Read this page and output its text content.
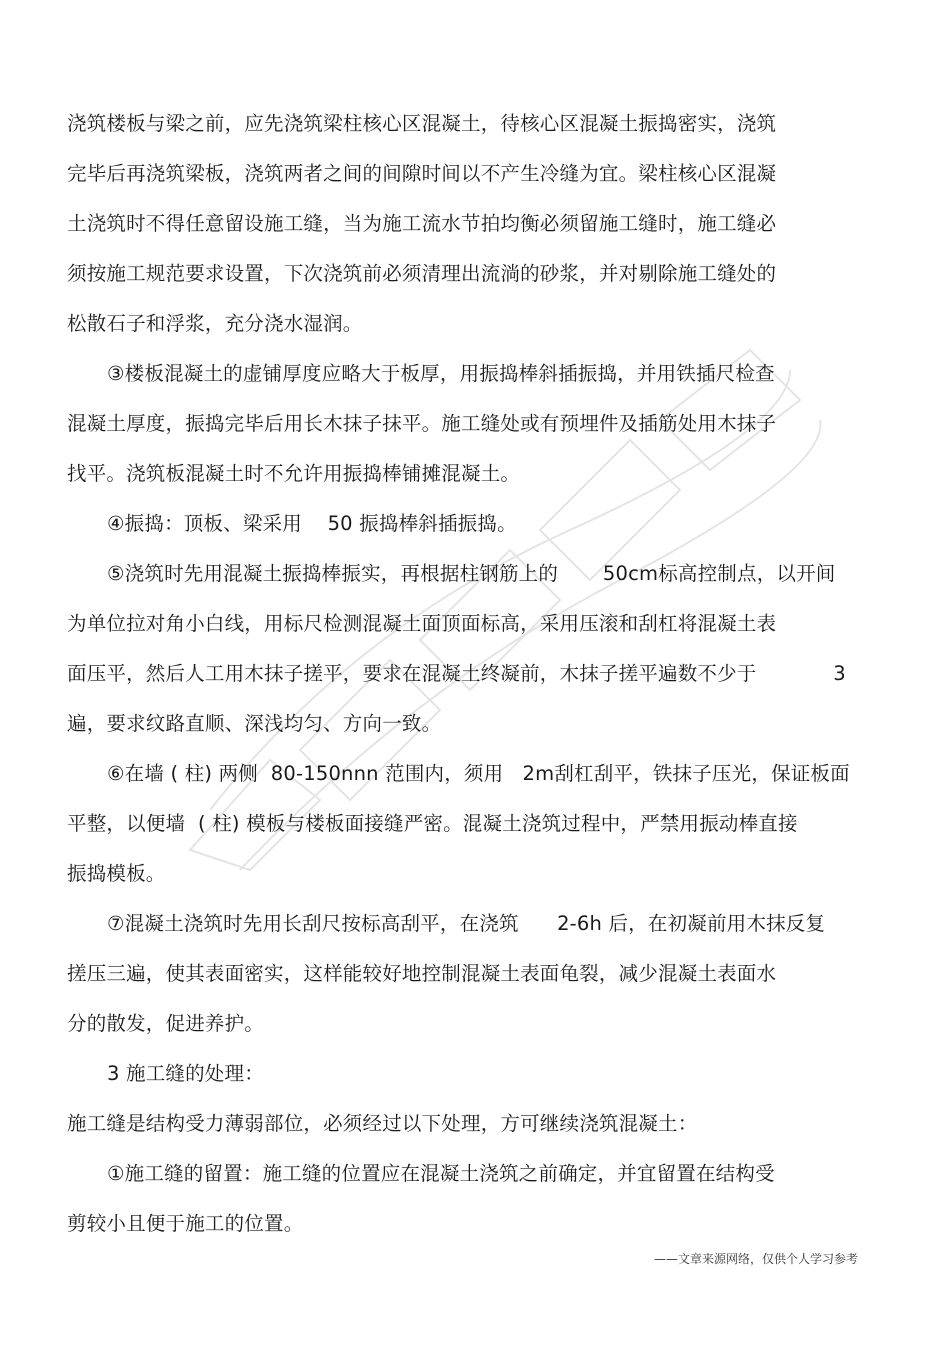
浇筑楼板与梁之前，应先浇筑梁柱核心区混凝土，待核心区混凝土振捣密实，浇筑
完毕后再浇筑梁板，浇筑两者之间的间隙时间以不产生冷缝为宜。梁柱核心区混凝
土浇筑时不得任意留设施工缝，当为施工流水节拍均衡必须留施工缝时，施工缝必
须按施工规范要求设置，下次浇筑前必须清理出流淌的砂浆，并对剔除施工缝处的
松散石子和浮浆，充分浇水湿润。
③楼板混凝土的虚铺厚度应略大于板厚，用振捣棒斜插振捣，并用铁插尺检查
混凝土厚度，振捣完毕后用长木抹子抹平。施工缝处或有预埋件及插筋处用木抹子
找平。浇筑板混凝土时不允许用振捣棒铺摊混凝土。
④振捣：顶板、梁采用    50 振捣棒斜插振捣。
⑤浇筑时先用混凝土振捣棒振实，再根据柱钢筋上的       50cm标高控制点，以开间
为单位拉对角小白线，用标尺检测混凝土面顶面标高，采用压滚和刮杠将混凝土表
面压平，然后人工用木抹子搓平，要求在混凝土终凝前，木抹子搓平遍数不少于            3
遍，要求纹路直顺、深浅均匀、方向一致。
⑥在墙 ( 柱) 两侧  80-150nnn 范围内，须用   2m刮杠刮平，铁抹子压光，保证板面
平整，以便墙  ( 柱) 模板与楼板面接缝严密。混凝土浇筑过程中，严禁用振动棒直接
振捣模板。
⑦混凝土浇筑时先用长刮尺按标高刮平，在浇筑      2-6h 后，在初凝前用木抹反复
搓压三遍，使其表面密实，这样能较好地控制混凝土表面龟裂，减少混凝土表面水
分的散发，促进养护。
3 施工缝的处理：
施工缝是结构受力薄弱部位，必须经过以下处理，方可继续浇筑混凝土：
①施工缝的留置：施工缝的位置应在混凝土浇筑之前确定，并宜留置在结构受
剪较小且便于施工的位置。
——文章来源网络，仅供个人学习参考
